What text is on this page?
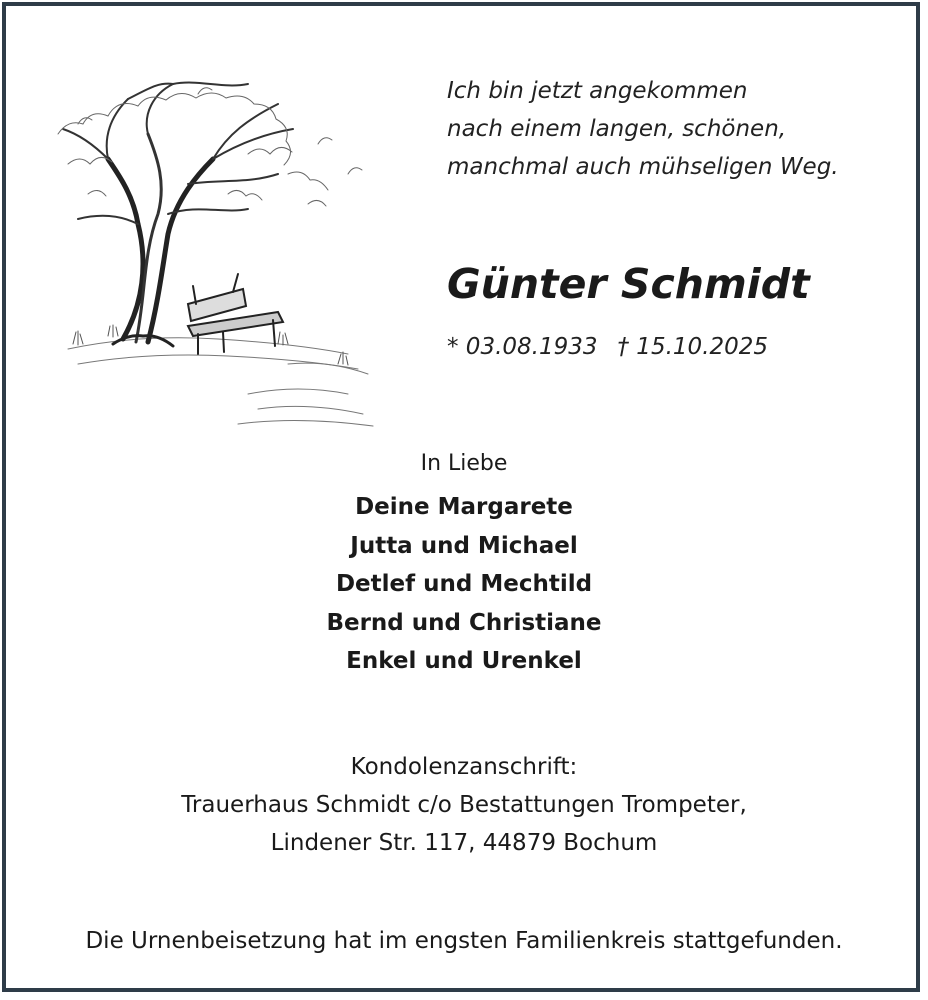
Ich bin jetzt angekommen
nach einem langen, schönen,
manchmal auch mühseligen Weg.
Günter Schmidt
* 03.08.1933 † 15.10.2025
In Liebe
Deine Margarete
Jutta und Michael
Detlef und Mechtild
Bernd und Christiane
Enkel und Urenkel
Kondolenzanschrift:
Trauerhaus Schmidt c/o Bestattungen Trompeter,
Lindener Str. 117, 44879 Bochum
Die Urnenbeisetzung hat im engsten Familienkreis stattgefunden.
